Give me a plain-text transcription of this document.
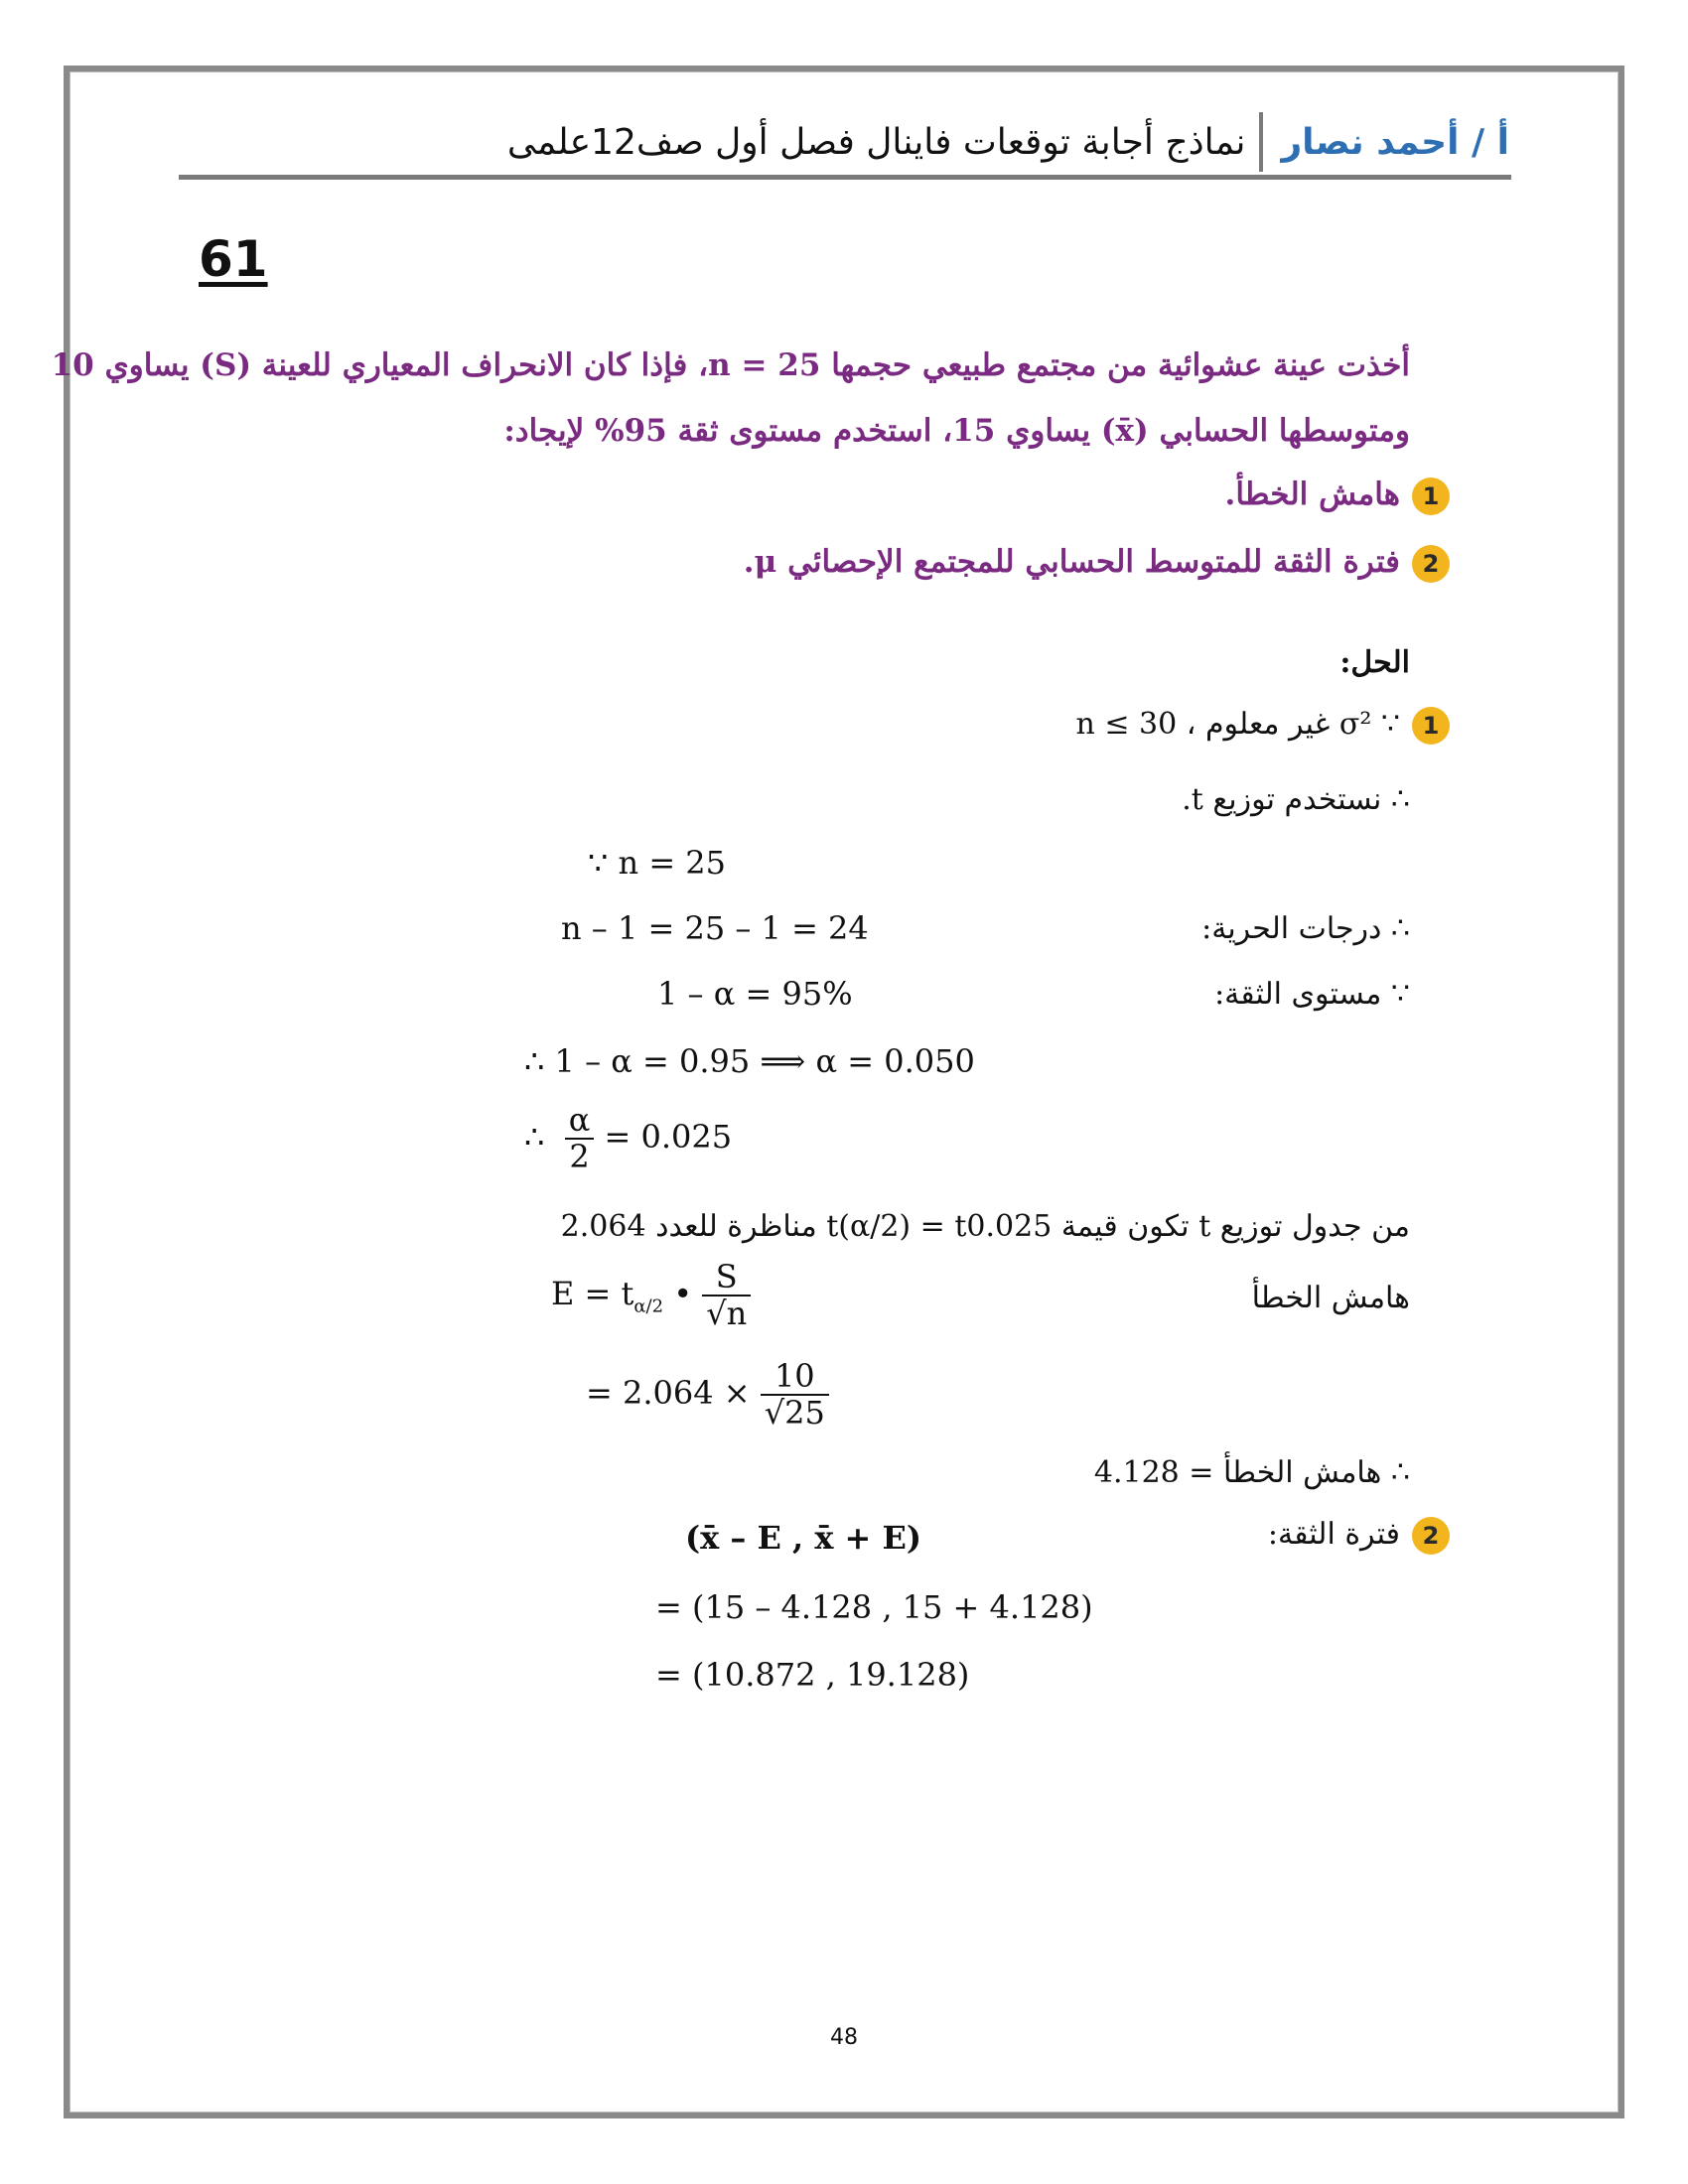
أ / أحمد نصار
نماذج أجابة توقعات فاينال فصل أول صف12علمى
61
أخذت عينة عشوائية من مجتمع طبيعي حجمها 25 = n، فإذا كان الانحراف المعياري للعينة (S) يساوي 10
ومتوسطها الحسابي (x̄) يساوي 15، استخدم مستوى ثقة 95% لإيجاد:
1هامش الخطأ.
2فترة الثقة للمتوسط الحسابي للمجتمع الإحصائي μ.
الحل:
1∵ σ² غير معلوم ، n ≤ 30
∴ نستخدم توزيع t.
∵ n = 25
∴ درجات الحرية:
n – 1 = 25 – 1 = 24
∵ مستوى الثقة:
1 – α = 95%
∴ 1 – α = 0.95 ⟹ α = 0.050
∴ $\frac{\alpha}{2} = 0.025$
من جدول توزيع t تكون قيمة t(α/2) = t0.025 مناظرة للعدد 2.064
هامش الخطأ
$E = t_{\alpha/2}$ • $\frac{S}{√n}$
= $2.064 \times \frac{10}{√25}$
∴ هامش الخطأ = 4.128
2فترة الثقة:
(x̄ – E , x̄ + E)
= (15 – 4.128 , 15 + 4.128)
= (10.872 , 19.128)
48
